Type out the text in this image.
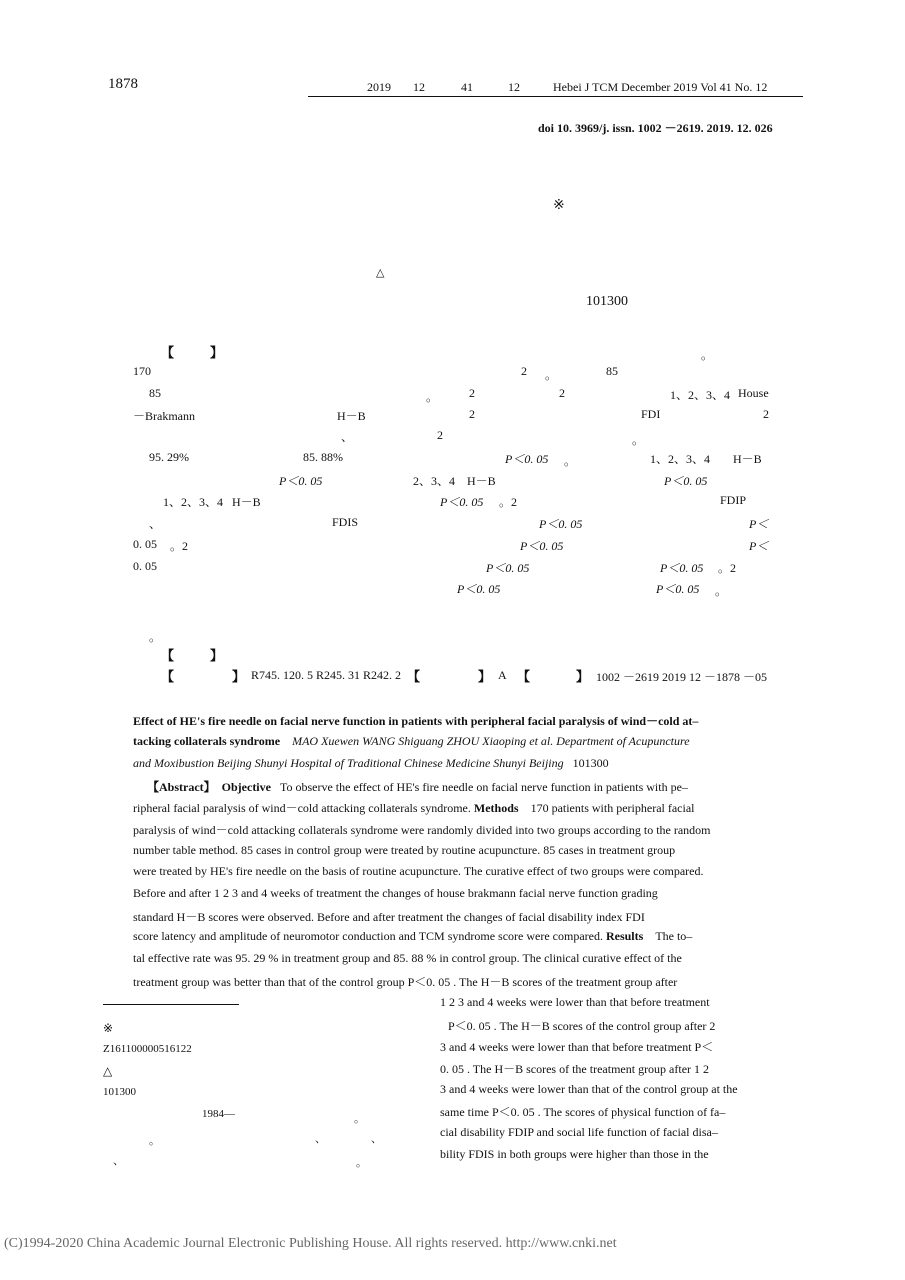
1878	2019 12	41	12	Hebei J TCM December 2019 Vol 41 No. 12
doi 10. 3969/j. issn. 1002 －2619. 2019. 12. 026
※
△
101300
【	】	。
170	2 。	85
85	。	2	2	1、2、3、4 House
－Brakmann	H－B	2	FDI	2
、	2	。
95. 29%	85. 88%	P＜0. 05 。	1、2、3、4 H－B
P＜0. 05	2、3、4 H－B	P＜0. 05
1、2、3、4 H－B	P＜0. 05 。2	FDIP
、	FDIS	P＜0. 05	P＜
0. 05 。2	P＜0. 05	P＜
0. 05	P＜0. 05	P＜0. 05 。2
P＜0. 05	P＜0. 05 。
。
【	】
【	】 R745. 120. 5 R245. 31 R242. 2 【	】 A 【	】 1002 －2619 2019 12 －1878 －05
Effect of HE's fire needle on facial nerve function in patients with peripheral facial paralysis of wind－cold at–
tacking collaterals syndrome MAO Xuewen WANG Shiguang ZHOU Xiaoping et al. Department of Acupuncture
and Moxibustion Beijing Shunyi Hospital of Traditional Chinese Medicine Shunyi Beijing 101300
【Abstract】 Objective To observe the effect of HE's fire needle on facial nerve function in patients with pe–
ripheral facial paralysis of wind－cold attacking collaterals syndrome. Methods 170 patients with peripheral facial
paralysis of wind－cold attacking collaterals syndrome were randomly divided into two groups according to the random
number table method. 85 cases in control group were treated by routine acupuncture. 85 cases in treatment group
were treated by HE's fire needle on the basis of routine acupuncture. The curative effect of two groups were compared.
Before and after 1 2 3 and 4 weeks of treatment the changes of house brakmann facial nerve function grading
standard H－B scores were observed. Before and after treatment the changes of facial disability index FDI
score latency and amplitude of neuromotor conduction and TCM syndrome score were compared. Results The to–
tal effective rate was 95. 29 % in treatment group and 85. 88 % in control group. The clinical curative effect of the
treatment group was better than that of the control group P＜0. 05 . The H－B scores of the treatment group after
※
Z161100000516122
△
101300
1984—	。
。	、	、
、	。
1 2 3 and 4 weeks were lower than that before treatment
P＜0. 05 . The H－B scores of the control group after 2
3 and 4 weeks were lower than that before treatment P＜
0. 05 . The H－B scores of the treatment group after 1 2
3 and 4 weeks were lower than that of the control group at the
same time P＜0. 05 . The scores of physical function of fa–
cial disability FDIP and social life function of facial disa–
bility FDIS in both groups were higher than those in the
(C)1994-2020 China Academic Journal Electronic Publishing House. All rights reserved. http://www.cnki.net
